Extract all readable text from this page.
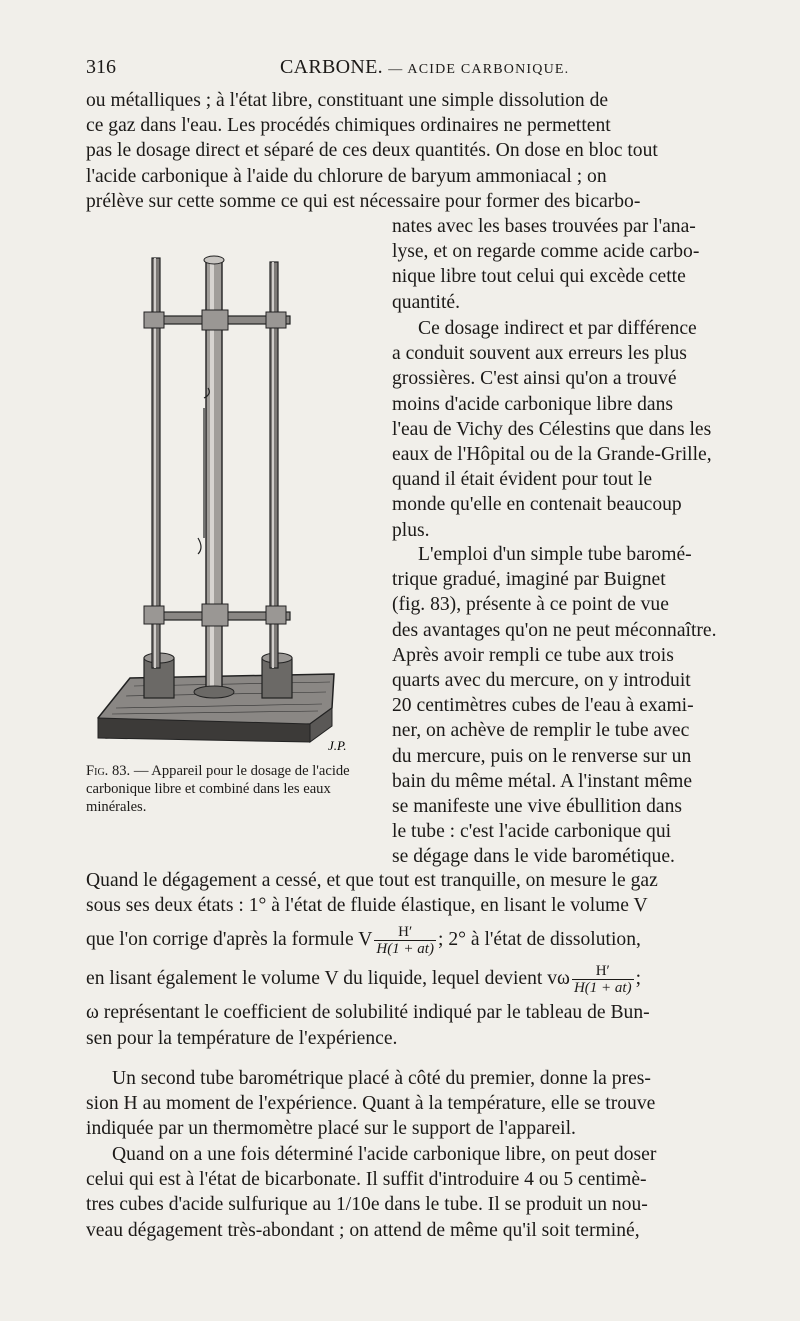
316	CARBONE. — ACIDE CARBONIQUE.
ou métalliques ; à l'état libre, constituant une simple dissolution de
ce gaz dans l'eau. Les procédés chimiques ordinaires ne permettent
pas le dosage direct et séparé de ces deux quantités. On dose en bloc tout
l'acide carbonique à l'aide du chlorure de baryum ammoniacal ; on
prélève sur cette somme ce qui est nécessaire pour former des bicarbo-
J.P.
Fig. 83. — Appareil pour le dosage de l'acide carbonique libre et combiné dans les eaux minérales.
nates avec les bases trouvées par l'ana-
lyse, et on regarde comme acide carbo-
nique libre tout celui qui excède cette
quantité.
Ce dosage indirect et par différence
a conduit souvent aux erreurs les plus
grossières. C'est ainsi qu'on a trouvé
moins d'acide carbonique libre dans
l'eau de Vichy des Célestins que dans les
eaux de l'Hôpital ou de la Grande-Grille,
quand il était évident pour tout le
monde qu'elle en contenait beaucoup
plus.
L'emploi d'un simple tube baromé-
trique gradué, imaginé par Buignet
(fig. 83), présente à ce point de vue
des avantages qu'on ne peut méconnaître.
Après avoir rempli ce tube aux trois
quarts avec du mercure, on y introduit
20 centimètres cubes de l'eau à exami-
ner, on achève de remplir le tube avec
du mercure, puis on le renverse sur un
bain du même métal. A l'instant même
se manifeste une vive ébullition dans
le tube : c'est l'acide carbonique qui
se dégage dans le vide barométique.
Quand le dégagement a cessé, et que tout est tranquille, on mesure le gaz
sous ses deux états : 1° à l'état de fluide élastique, en lisant le volume V
que l'on corrige d'après la formule V $\frac{H'}{H(1 + at)}$ ; 2° à l'état de dissolution,
en lisant également le volume V du liquide, lequel devient vω $\frac{H'}{H(1 + at)}$ ;
ω représentant le coefficient de solubilité indiqué par le tableau de Bun-
sen pour la température de l'expérience.
Un second tube barométrique placé à côté du premier, donne la pres-
sion H au moment de l'expérience. Quant à la température, elle se trouve
indiquée par un thermomètre placé sur le support de l'appareil.
Quand on a une fois déterminé l'acide carbonique libre, on peut doser
celui qui est à l'état de bicarbonate. Il suffit d'introduire 4 ou 5 centimè-
tres cubes d'acide sulfurique au 1/10e dans le tube. Il se produit un nou-
veau dégagement très-abondant ; on attend de même qu'il soit terminé,
